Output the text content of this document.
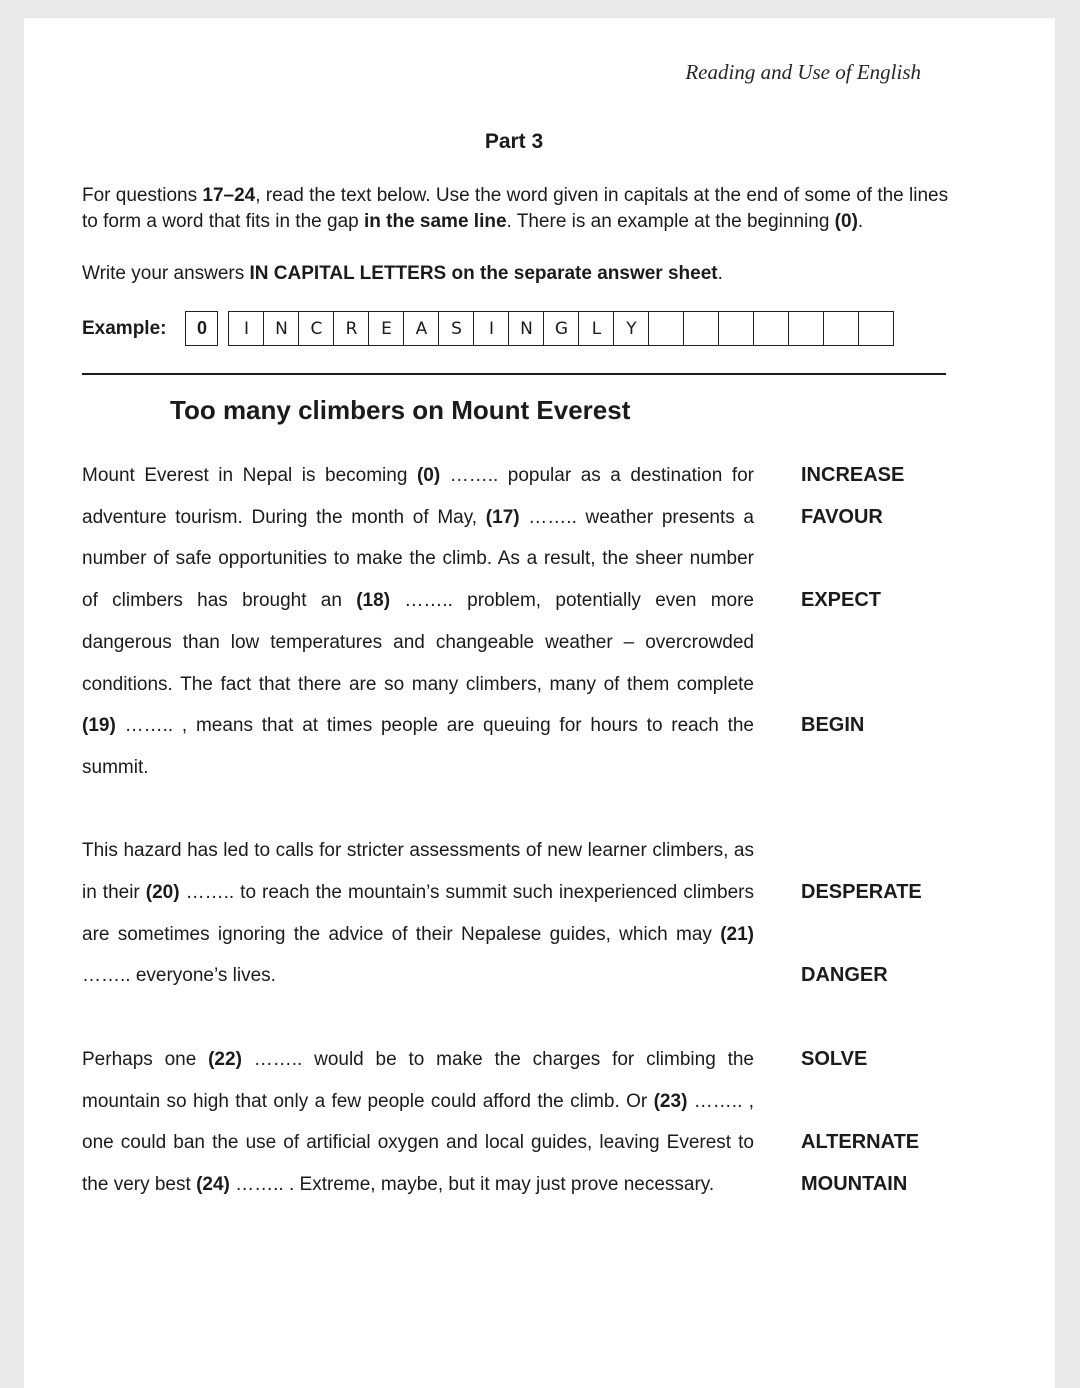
Reading and Use of English
Part 3

For questions 17–24, read the text below. Use the word given in capitals at the end of some of the lines to form a word that fits in the gap in the same line. There is an example at the beginning (0).

Write your answers IN CAPITAL LETTERS on the separate answer sheet.

Example:	0	I	N	C	R	E	A	S	I	N	G	L	Y
Too many climbers on Mount Everest

Mount Everest in Nepal is becoming (0) …….. popular as a destination for adventure tourism. During the month of May, (17) …….. weather presents a number of safe opportunities to make the climb. As a result, the sheer number of climbers has brought an (18) …….. problem, potentially even more dangerous than low temperatures and changeable weather – overcrowded conditions. The fact that there are so many climbers, many of them complete (19) …….. , means that at times people are queuing for hours to reach the summit.

This hazard has led to calls for stricter assessments of new learner climbers, as in their (20) …….. to reach the mountain’s summit such inexperienced climbers are sometimes ignoring the advice of their Nepalese guides, which may (21) …….. everyone’s lives.

Perhaps one (22) …….. would be to make the charges for climbing the mountain so high that only a few people could afford the climb. Or (23) …….. , one could ban the use of artificial oxygen and local guides, leaving Everest to the very best (24) …….. . Extreme, maybe, but it may just prove necessary.

INCREASE
FAVOUR
EXPECT
BEGIN
DESPERATE
DANGER
SOLVE
ALTERNATE
MOUNTAIN
